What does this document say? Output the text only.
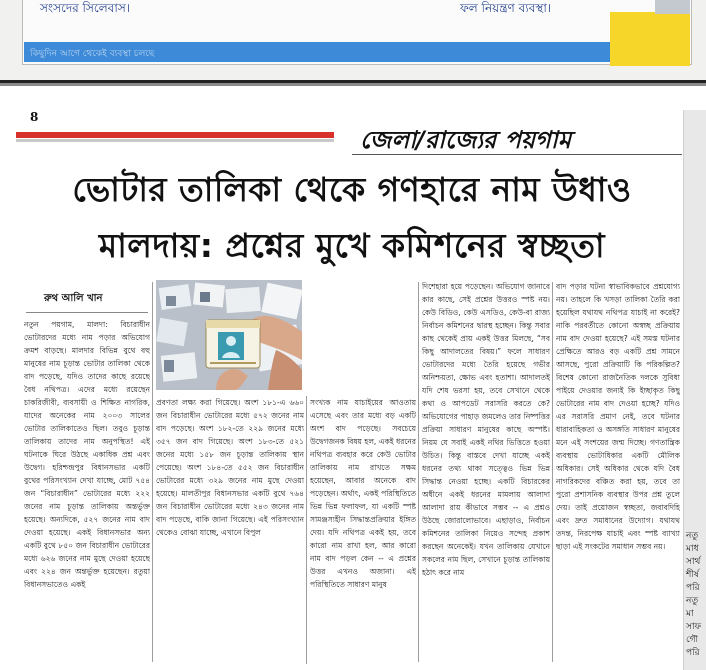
সংসদের সিলেবাস।	ফল নিয়ন্ত্রণ ব্যবস্থা।
কিছুদিন আগে থেকেই ব্যবস্থা চলছে
8
জেলা/রাজ্যের পয়গাম
ভোটার তালিকা থেকে গণহারে নাম উধাও
মালদায়: প্রশ্নের মুখে কমিশনের স্বচ্ছতা
রুথ আলি খান
নতুন পয়গাম, মালদা: বিচারাধীন ভোটারদের মধ্যে নাম পড়ার অভিযোগ ক্রমশ বাড়ছে। মালদার বিভিন্ন বুথে বহু মানুষের নাম চূড়ান্ত ভোটার তালিকা থেকে বাদ পড়েছে, যদিও তাদের কাছে রয়েছে বৈধ নথিপত্র। এদের মধ্যে রয়েছেন চাকরিজীবী, ব্যবসায়ী ও শিক্ষিত নাগরিক, যাদের অনেকের নাম ২০০৩ সালের ভোটার তালিকাতেও ছিল। তবুও চূড়ান্ত তালিকায় তাদের নাম অনুপস্থিত! এই ঘটনাকে ঘিরে উঠছে একাধিক প্রশ্ন এবং উদ্বেগ। হরিশ্চন্দ্রপুর বিধানসভার একটি বুথের পরিসংখ্যান দেখা যাচ্ছে, মোট ৭৫৪ জন “বিচারাধীন” ভোটারের মধ্যে ২২২ জনের নাম চূড়ান্ত তালিকায় অন্তর্ভুক্ত হয়েছে। অন্যদিকে, ৫২৭ জনের নাম বাদ দেওয়া হয়েছে। একই বিধানসভার অন্য একটি বুথে ৮৫০ জন বিচারাধীন ভোটারের মধ্যে ৬২৬ জনের নাম মুছে দেওয়া হয়েছে এবং ২২৪ জন অন্তর্ভুক্ত হয়েছেন। রতুয়া বিধানসভাতেও একই
প্রবণতা লক্ষ্য করা গিয়েছে। অংশ ১৮১-এ ৬৬০ জন বিচারাধীন ভোটারের মধ্যে ৫৭২ জনের নাম বাদ পড়েছে। অংশ ১৮২-তে ২২৯ জনের মধ্যে ৩৫৭ জন বাদ গিয়েছে। অংশ ১৮৩-তে ৫২১ জনের মধ্যে ১৫৮ জন চূড়ান্ত তালিকায় স্থান পেয়েছে। অংশ ১৮৪-তে ৫৫২ জন বিচারাধীন ভোটারের মধ্যে ৩২৯ জনের নাম মুছে দেওয়া হয়েছে। মালতীপুর বিধানসভার একটি বুথে ৭৬৪ জন বিচারাধীন ভোটারের মধ্যে ২৪৩ জনের নাম বাদ পড়েছে, বাকি জানা গিয়েছে। এই পরিসংখ্যান থেকেও বোঝা যাচ্ছে, এখানে বিপুল
সংখ্যক নাম যাচাইয়ের আওতায় এসেছে এবং তার মধ্যে বড় একটি অংশ বাদ পড়েছে। সবচেয়ে উদ্বেগজনক বিষয় হল, একই ধরনের নথিপত্র ব্যবহার করে কেউ ভোটার তালিকায় নাম রাখতে সক্ষম হয়েছেন, আবার অনেকে বাদ পড়েছেন। অর্থাৎ, একই পরিস্থিতিতে ভিন্ন ভিন্ন ফলাফল, যা একটি স্পষ্ট সামঞ্জস্যহীন সিদ্ধান্তপ্রক্রিয়ার ইঙ্গিত দেয়। যদি নথিপত্র একই হয়, তবে কারো নাম রাখা হল, আর কারো নাম বাদ পড়ল কেন -- এ প্রশ্নের উত্তর এখনও অজানা। এই পরিস্থিতিতে সাধারণ মানুষ
দিশেহারা হয়ে পড়েছেন। অভিযোগ জানাবে কার কাছে, সেই প্রশ্নের উত্তরও স্পষ্ট নয়। কেউ বিডিও, কেউ এসডিও, কেউ-বা রাজ্য নির্বাচন কমিশনের দ্বারস্থ হচ্ছেন। কিন্তু সবার কাছ থেকেই প্রায় একই উত্তর মিলছে, “সব কিছু আদালতের বিষয়।” ফলে সাধারণ ভোটারদের মধ্যে তৈরি হয়েছে গভীর অনিশ্চয়তা, ক্ষোভ এবং হতাশা। আদালতই যদি শেষ ভরসা হয়, তবে সেখানে থেকে কথা ও আপডেট সরাসরি করতে কে? অভিযোগের পাহাড় জমলেও তার নিষ্পত্তির প্রক্রিয়া সাধারণ মানুষের কাছে অস্পষ্ট। নিয়ম যে সবাই একই নথির ভিত্তিতে হওয়া উচিত। কিন্তু বাস্তবে দেখা যাচ্ছে একই ধরনের তথ্য থাকা সত্ত্বেও ভিন্ন ভিন্ন সিদ্ধান্ত নেওয়া হচ্ছে। একটি বিচারকের অধীনে একই ধরনের মামলায় আলাদা আলাদা রায় কীভাবে সম্ভব -- এ প্রশ্নও উঠছে জোরালোভাবে। এছাড়াও, নির্বাচন কমিশনের তালিকা নিয়েও সন্দেহ প্রকাশ করছেন অনেকেই। যখন তালিকায় যেখানে সকলের নাম ছিল, সেখানে চূড়ান্ত তালিকায় হঠাৎ করে নাম
বাদ পড়ার ঘটনা স্বাভাবিকভাবে প্রশ্নযোগ্য নয়। তাহলে কি খসড়া তালিকা তৈরি করা হয়েছিল যথাযথ নথিপত্র যাচাই না করেই? নাকি পরবর্তীতে কোনো অস্বচ্ছ প্রক্রিয়ায় নাম বাদ দেওয়া হয়েছে? এই সমস্ত ঘটনার প্রেক্ষিতে আরও বড় একটি প্রশ্ন সামনে আসছে, পুরো প্রক্রিয়াটি কি পরিকল্পিত? বিশেষ কোনো রাজনৈতিক দলকে সুবিধা পাইয়ে দেওয়ার জন্যই কি ইচ্ছাকৃত কিছু ভোটারের নাম বাদ দেওয়া হচ্ছে? যদিও এর সরাসরি প্রমাণ নেই, তবে ঘটনার ধারাবাহিকতা ও অসঙ্গতি সাধারণ মানুষের মনে এই সংশয়ের জন্ম দিচ্ছে। গণতান্ত্রিক ব্যবস্থায় ভোটাধিকার একটি মৌলিক অধিকার। সেই অধিকার থেকে যদি বৈধ নাগরিকদের বঞ্চিত করা হয়, তবে তা পুরো প্রশাসনিক ব্যবস্থার উপর প্রশ্ন তুলে দেয়। তাই প্রয়োজন স্বচ্ছতা, জবাবদিহি এবং দ্রুত সমাধানের উদ্যোগ। যথাযথ তদন্ত, নিরপেক্ষ যাচাই এবং স্পষ্ট ব্যাখ্যা ছাড়া এই সংকটের সমাধান সম্ভব নয়।
নতু
মাধ
সার্থ
শীর্ষ
পরি
নতু
মা
সাফ
গৌ
পরি
